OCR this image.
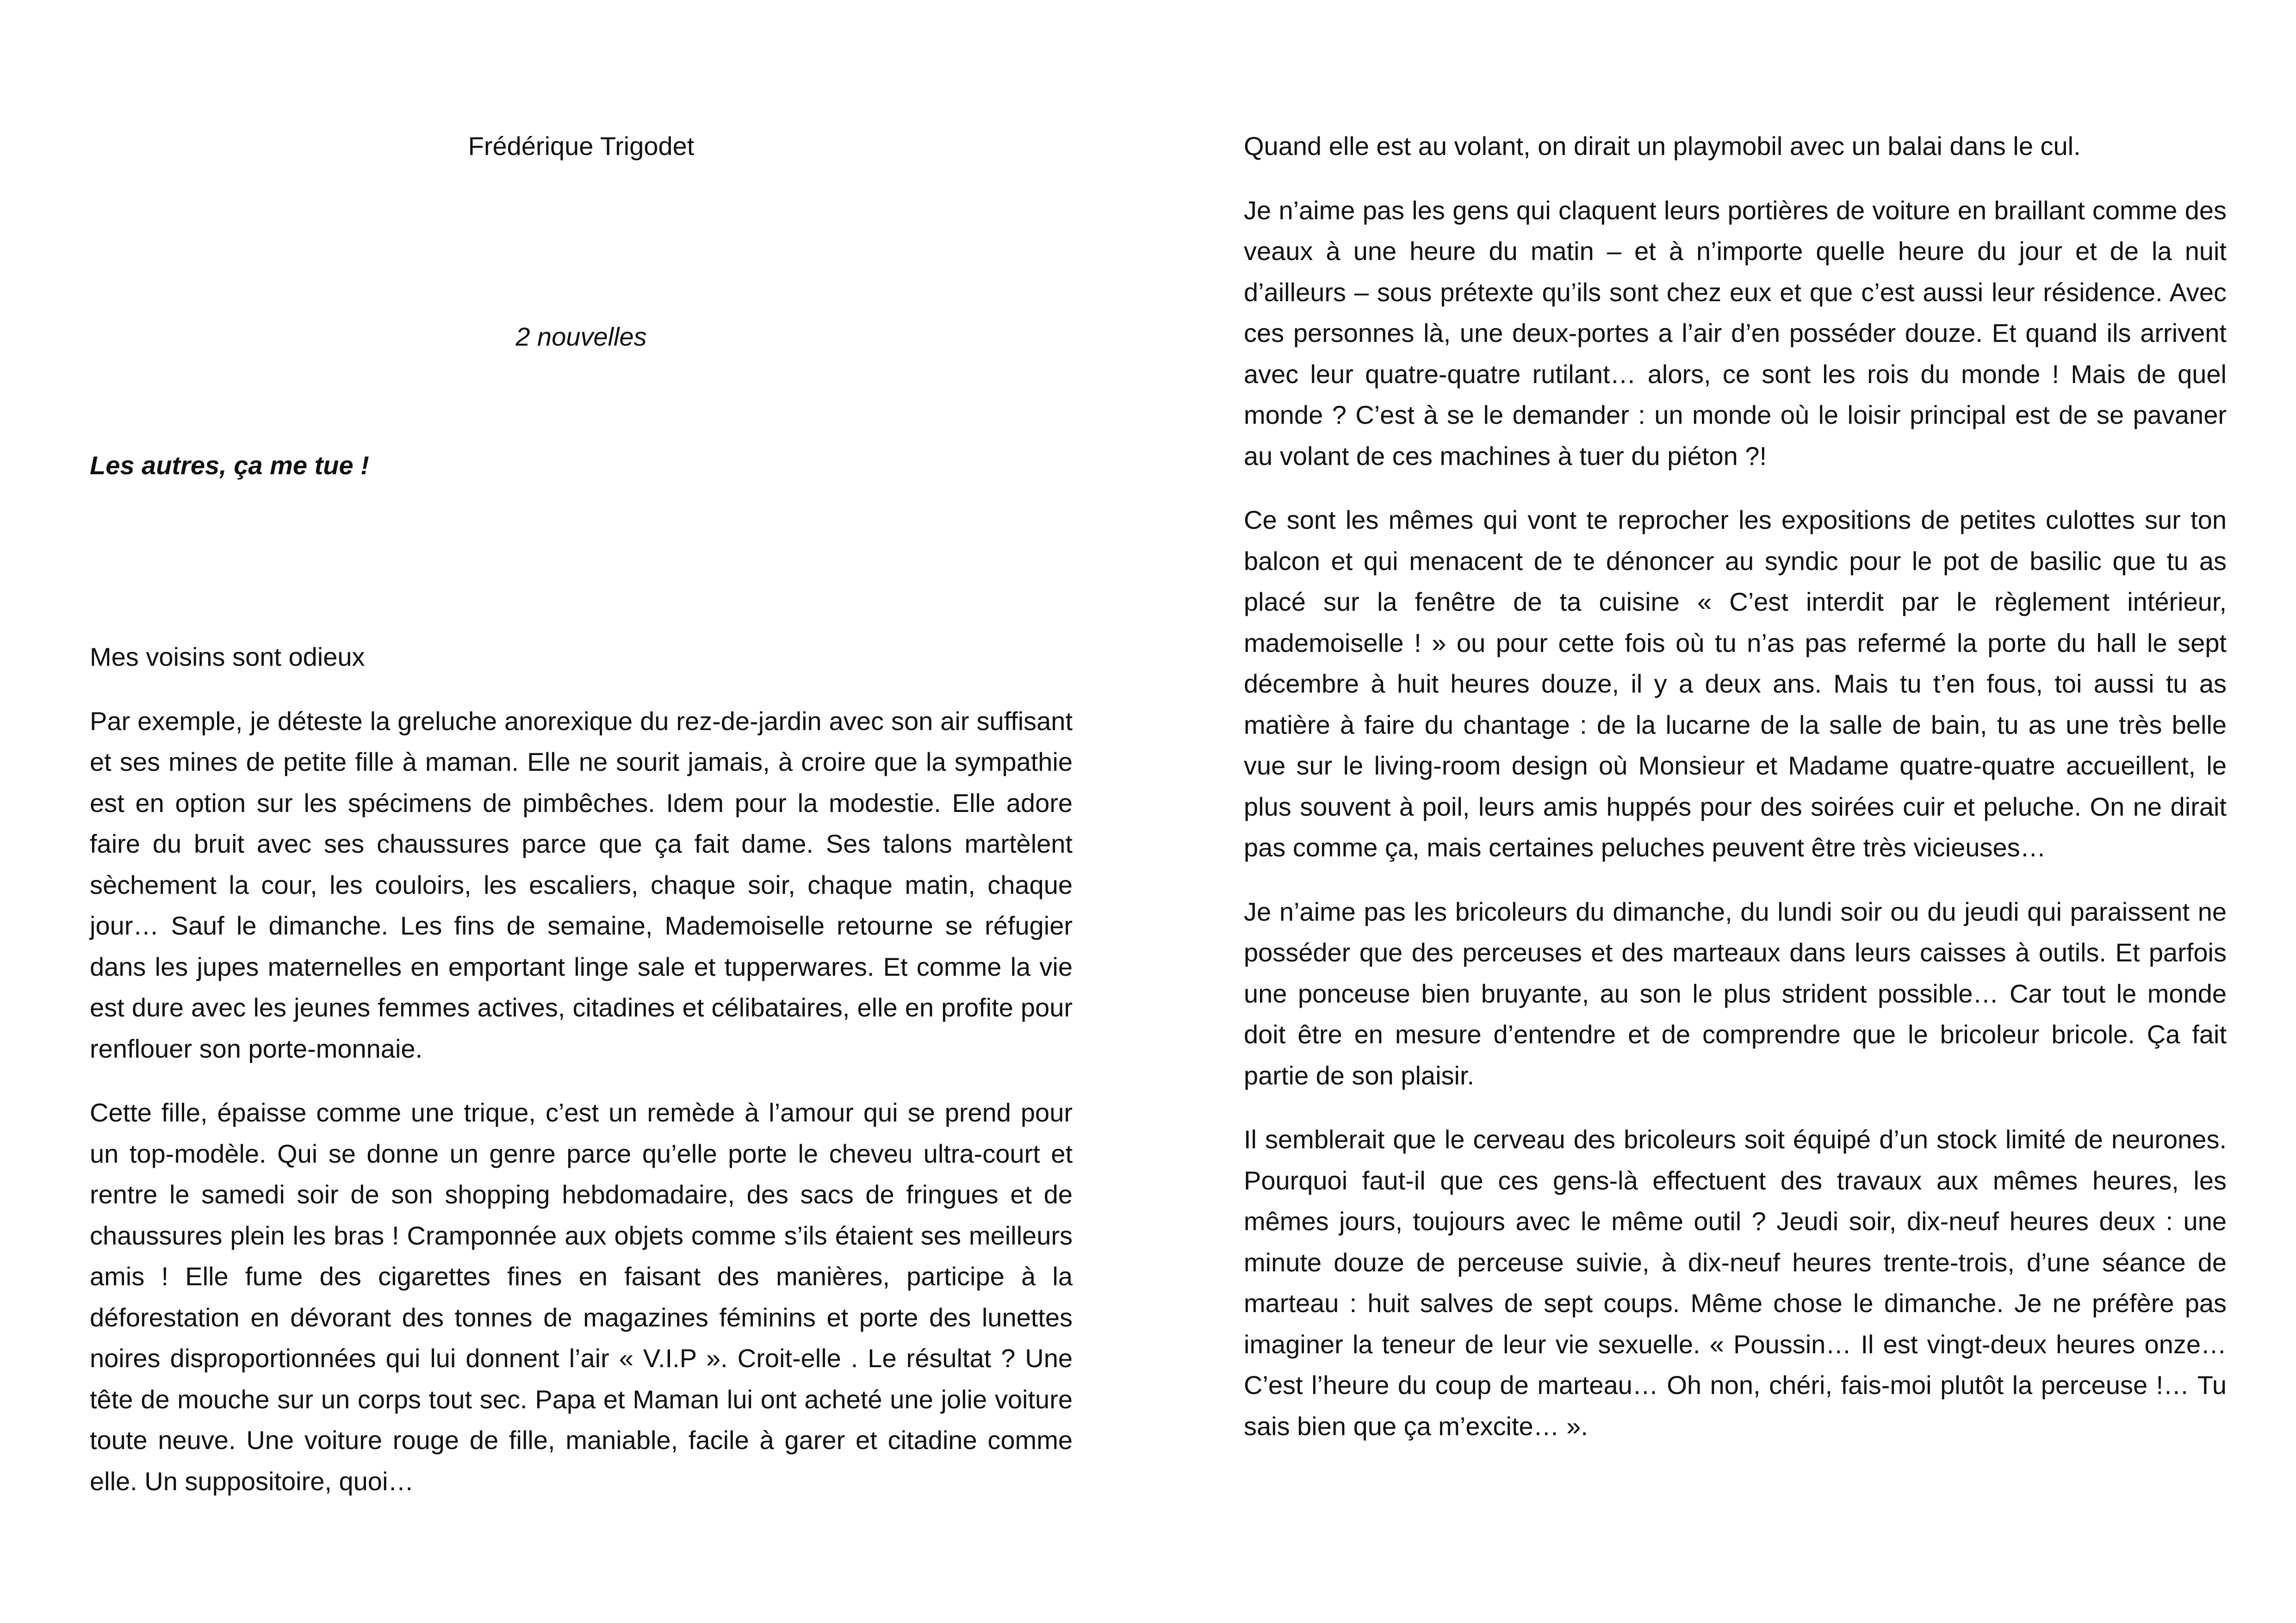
Frédérique Trigodet
2 nouvelles
Les autres, ça me tue !

Mes voisins sont odieux

Par exemple, je déteste la greluche anorexique du rez-de-jardin avec son air suffisant et ses mines de petite fille à maman. Elle ne sourit jamais, à croire que la sympathie est en option sur les spécimens de pimbêches. Idem pour la modestie. Elle adore faire du bruit avec ses chaussures parce que ça fait dame. Ses talons martèlent sèchement la cour, les couloirs, les escaliers, chaque soir, chaque matin, chaque jour… Sauf le dimanche. Les fins de semaine, Mademoiselle retourne se réfugier dans les jupes maternelles en emportant linge sale et tupperwares. Et comme la vie est dure avec les jeunes femmes actives, citadines et célibataires, elle en profite pour renflouer son porte-monnaie.

Cette fille, épaisse comme une trique, c’est un remède à l’amour qui se prend pour un top-modèle. Qui se donne un genre parce qu’elle porte le cheveu ultra-court et rentre le samedi soir de son shopping hebdomadaire, des sacs de fringues et de chaussures plein les bras ! Cramponnée aux objets comme s’ils étaient ses meilleurs amis ! Elle fume des cigarettes fines en faisant des manières, participe à la déforestation en dévorant des tonnes de magazines féminins et porte des lunettes noires disproportionnées qui lui donnent l’air « V.I.P ». Croit-elle . Le résultat ? Une tête de mouche sur un corps tout sec. Papa et Maman lui ont acheté une jolie voiture toute neuve. Une voiture rouge de fille, maniable, facile à garer et citadine comme elle. Un suppositoire, quoi…

Quand elle est au volant, on dirait un playmobil avec un balai dans le cul.

Je n’aime pas les gens qui claquent leurs portières de voiture en braillant comme des veaux à une heure du matin – et à n’importe quelle heure du jour et de la nuit d’ailleurs – sous prétexte qu’ils sont chez eux et que c’est aussi leur résidence. Avec ces personnes là, une deux-portes a l’air d’en posséder douze. Et quand ils arrivent avec leur quatre-quatre rutilant… alors, ce sont les rois du monde ! Mais de quel monde ? C’est à se le demander : un monde où le loisir principal est de se pavaner au volant de ces machines à tuer du piéton ?!

Ce sont les mêmes qui vont te reprocher les expositions de petites culottes sur ton balcon et qui menacent de te dénoncer au syndic pour le pot de basilic que tu as placé sur la fenêtre de ta cuisine « C’est interdit par le règlement intérieur, mademoiselle ! » ou pour cette fois où tu n’as pas refermé la porte du hall le sept décembre à huit heures douze, il y a deux ans. Mais tu t’en fous, toi aussi tu as matière à faire du chantage : de la lucarne de la salle de bain, tu as une très belle vue sur le living-room design où Monsieur et Madame quatre-quatre accueillent, le plus souvent à poil, leurs amis huppés pour des soirées cuir et peluche. On ne dirait pas comme ça, mais certaines peluches peuvent être très vicieuses…

Je n’aime pas les bricoleurs du dimanche, du lundi soir ou du jeudi qui paraissent ne posséder que des perceuses et des marteaux dans leurs caisses à outils. Et parfois une ponceuse bien bruyante, au son le plus strident possible… Car tout le monde doit être en mesure d’entendre et de comprendre que le bricoleur bricole. Ça fait partie de son plaisir.

Il semblerait que le cerveau des bricoleurs soit équipé d’un stock limité de neurones. Pourquoi faut-il que ces gens-là effectuent des travaux aux mêmes heures, les mêmes jours, toujours avec le même outil ? Jeudi soir, dix-neuf heures deux : une minute douze de perceuse suivie, à dix-neuf heures trente-trois, d’une séance de marteau : huit salves de sept coups. Même chose le dimanche. Je ne préfère pas imaginer la teneur de leur vie sexuelle. « Poussin… Il est vingt-deux heures onze… C’est l’heure du coup de marteau… Oh non, chéri, fais-moi plutôt la perceuse !… Tu sais bien que ça m’excite… ».
